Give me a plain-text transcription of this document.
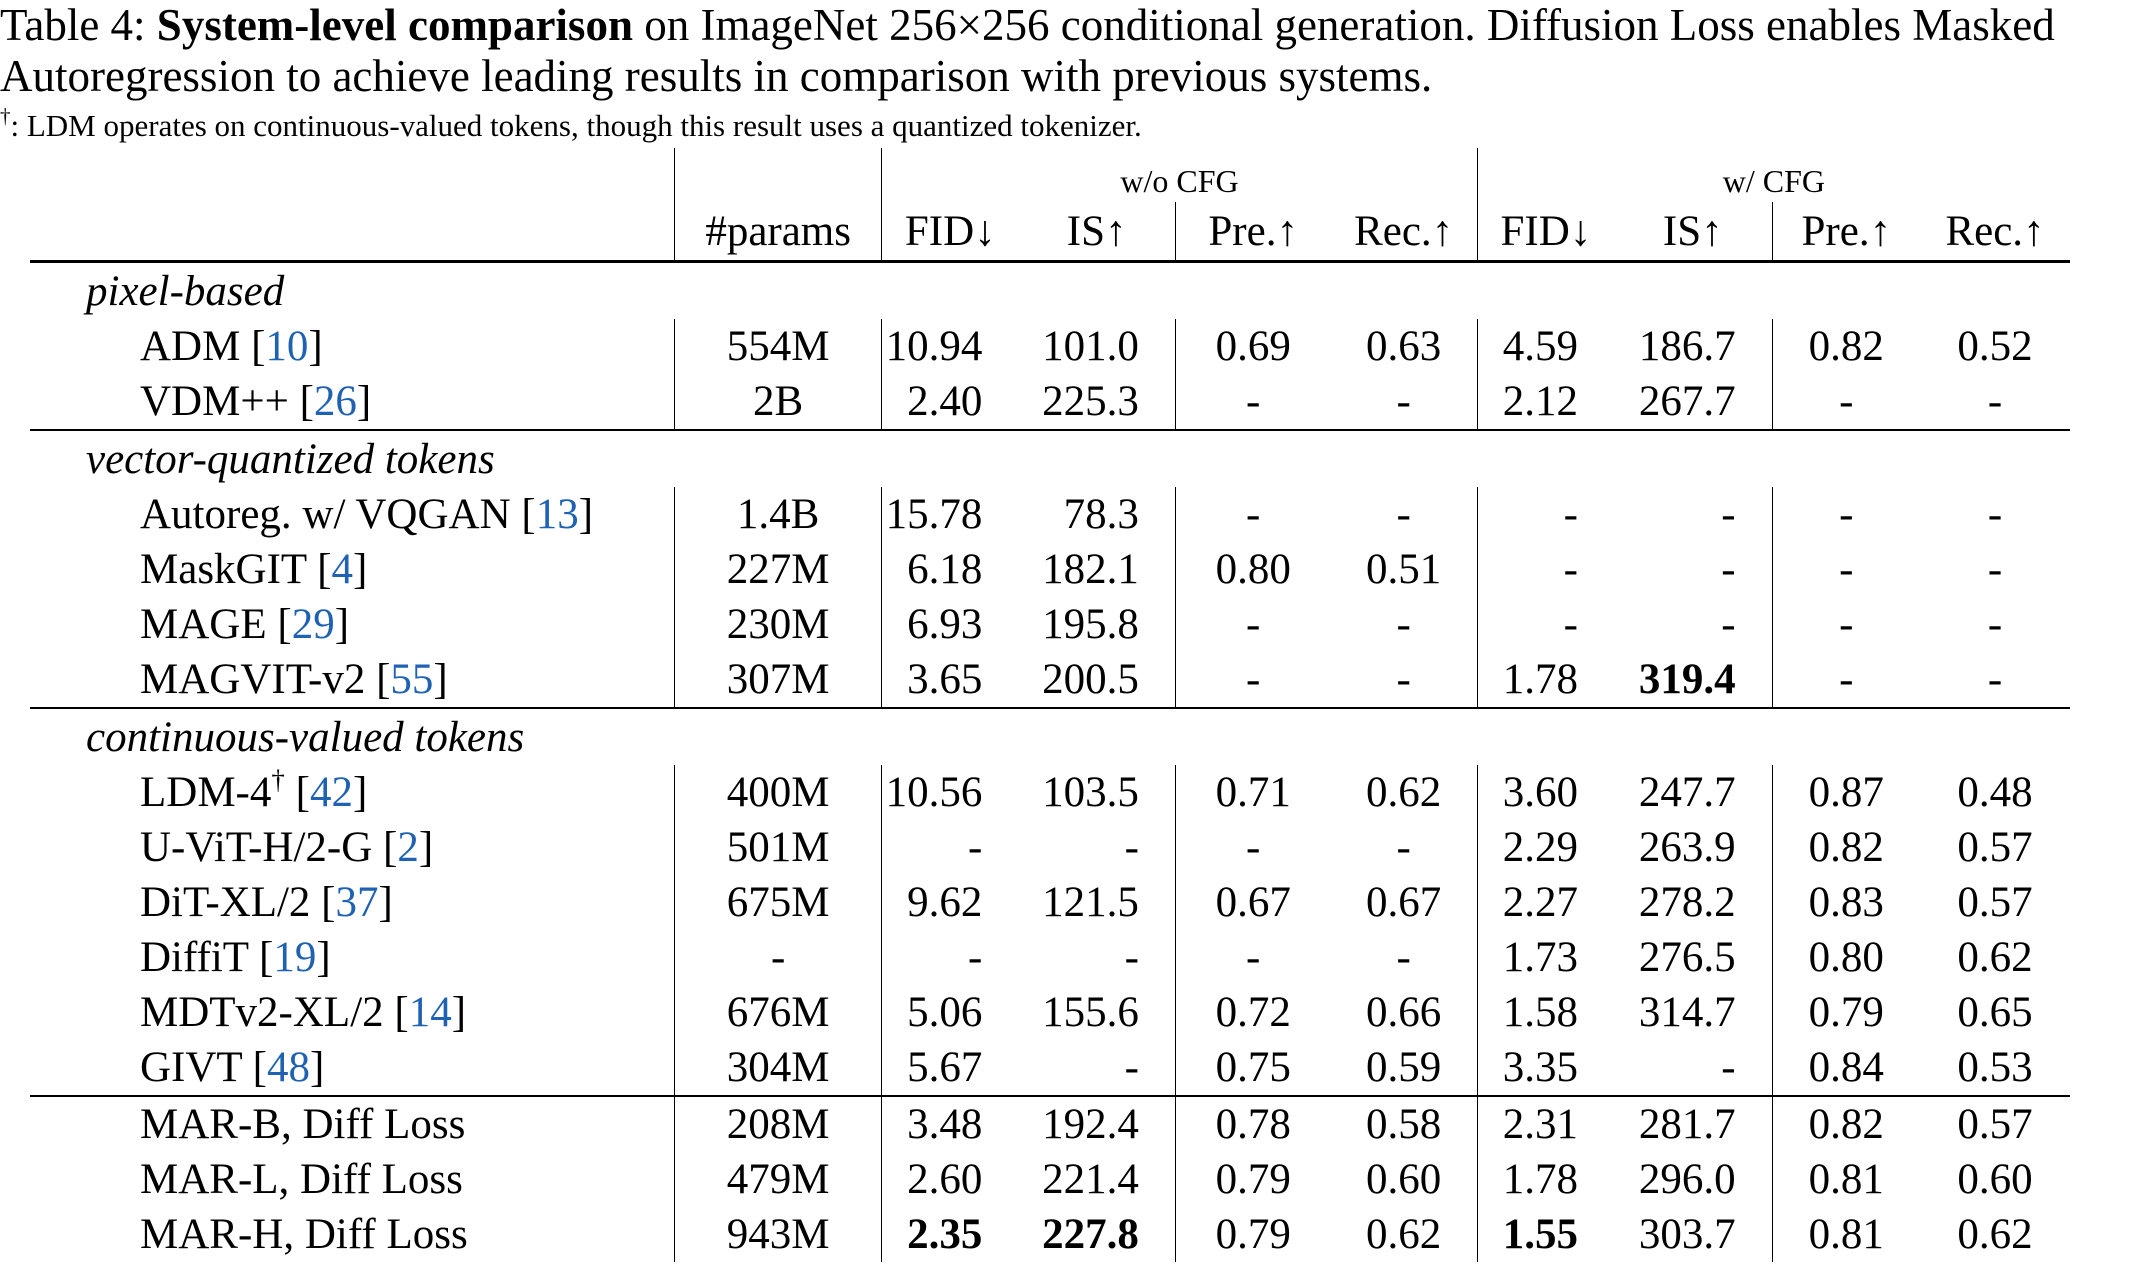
Table 4: System-level comparison on ImageNet 256×256 conditional generation. Diffusion Loss enables Masked Autoregression to achieve leading results in comparison with previous systems.
†: LDM operates on continuous-valued tokens, though this result uses a quantized tokenizer.
		w/o CFG				w/ CFG			
	#params	FID↓	IS↑	Pre.↑	Rec.↑	FID↓	IS↑	Pre.↑	Rec.↑
pixel-based									
ADM [10]	554M	10.94	101.0	0.69	0.63	4.59	186.7	0.82	0.52
VDM++ [26]	2B	2.40	225.3	-	-	2.12	267.7	-	-
vector-quantized tokens									
Autoreg. w/ VQGAN [13]	1.4B	15.78	78.3	-	-	-	-	-	-
MaskGIT [4]	227M	6.18	182.1	0.80	0.51	-	-	-	-
MAGE [29]	230M	6.93	195.8	-	-	-	-	-	-
MAGVIT-v2 [55]	307M	3.65	200.5	-	-	1.78	319.4	-	-
continuous-valued tokens									
LDM-4† [42]	400M	10.56	103.5	0.71	0.62	3.60	247.7	0.87	0.48
U-ViT-H/2-G [2]	501M	-	-	-	-	2.29	263.9	0.82	0.57
DiT-XL/2 [37]	675M	9.62	121.5	0.67	0.67	2.27	278.2	0.83	0.57
DiffiT [19]	-	-	-	-	-	1.73	276.5	0.80	0.62
MDTv2-XL/2 [14]	676M	5.06	155.6	0.72	0.66	1.58	314.7	0.79	0.65
GIVT [48]	304M	5.67	-	0.75	0.59	3.35	-	0.84	0.53
MAR-B, Diff Loss	208M	3.48	192.4	0.78	0.58	2.31	281.7	0.82	0.57
MAR-L, Diff Loss	479M	2.60	221.4	0.79	0.60	1.78	296.0	0.81	0.60
MAR-H, Diff Loss	943M	2.35	227.8	0.79	0.62	1.55	303.7	0.81	0.62
